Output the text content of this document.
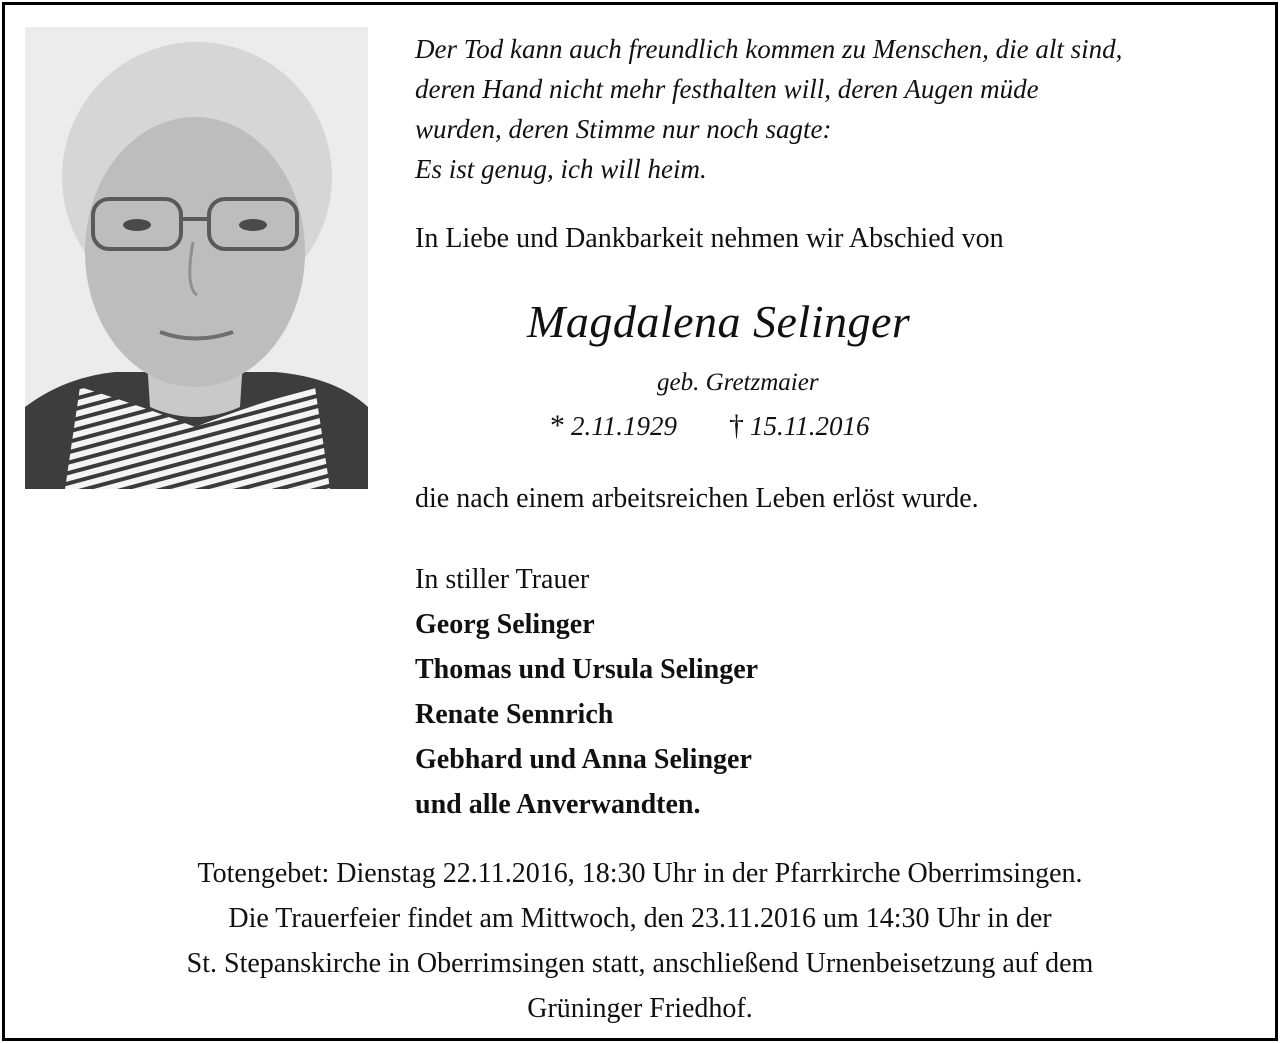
Der Tod kann auch freundlich kommen zu Menschen, die alt sind,
deren Hand nicht mehr festhalten will, deren Augen müde
wurden, deren Stimme nur noch sagte:
Es ist genug, ich will heim.
In Liebe und Dankbarkeit nehmen wir Abschied von
Magdalena Selinger
geb. Gretzmaier
* 2.11.1929 † 15.11.2016
die nach einem arbeitsreichen Leben erlöst wurde.
In stiller Trauer
Georg Selinger
Thomas und Ursula Selinger
Renate Sennrich
Gebhard und Anna Selinger
und alle Anverwandten.
Totengebet: Dienstag 22.11.2016, 18:30 Uhr in der Pfarrkirche Oberrimsingen.
Die Trauerfeier findet am Mittwoch, den 23.11.2016 um 14:30 Uhr in der
St. Stepanskirche in Oberrimsingen statt, anschließend Urnenbeisetzung auf dem
Grüninger Friedhof.
